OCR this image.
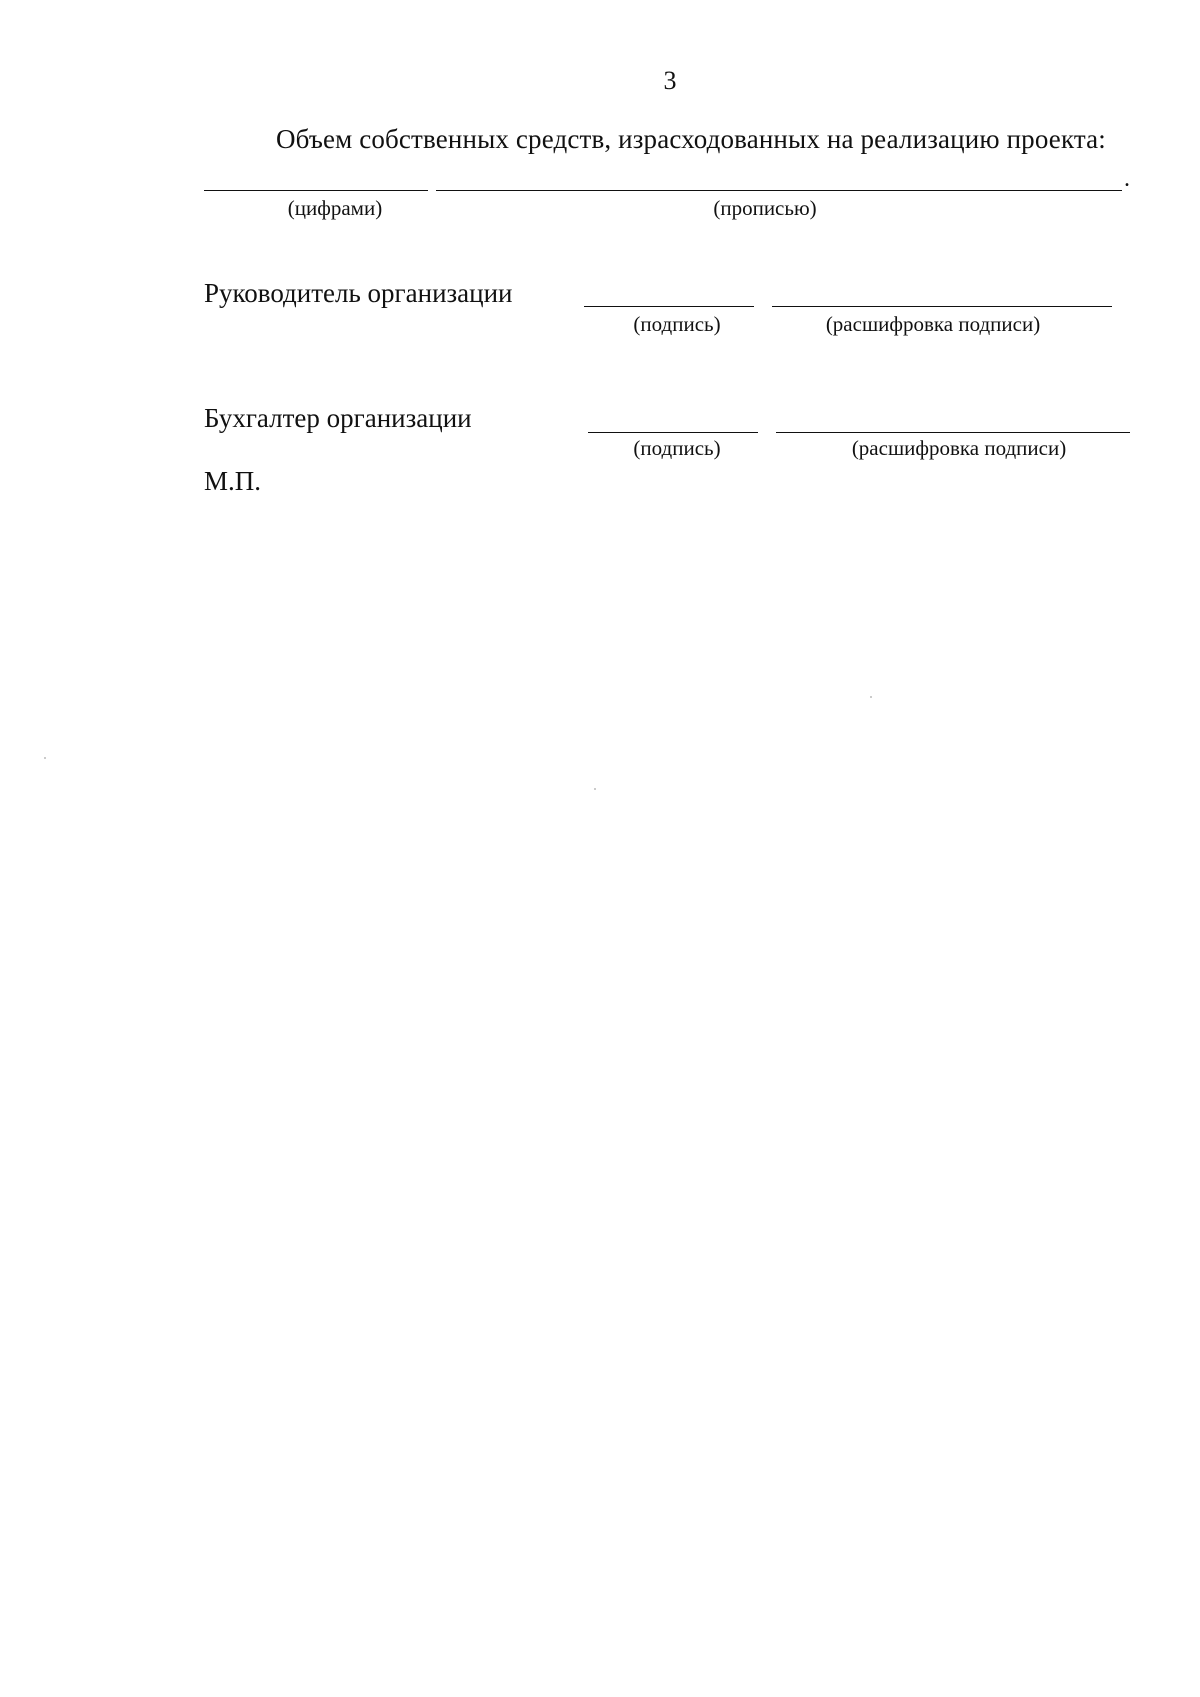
3
Объем собственных средств, израсходованных на реализацию проекта:
.
(цифрами)	(прописью)
Руководитель организации
(подпись)	(расшифровка подписи)
Бухгалтер организации
(подпись)	(расшифровка подписи)
М.П.
